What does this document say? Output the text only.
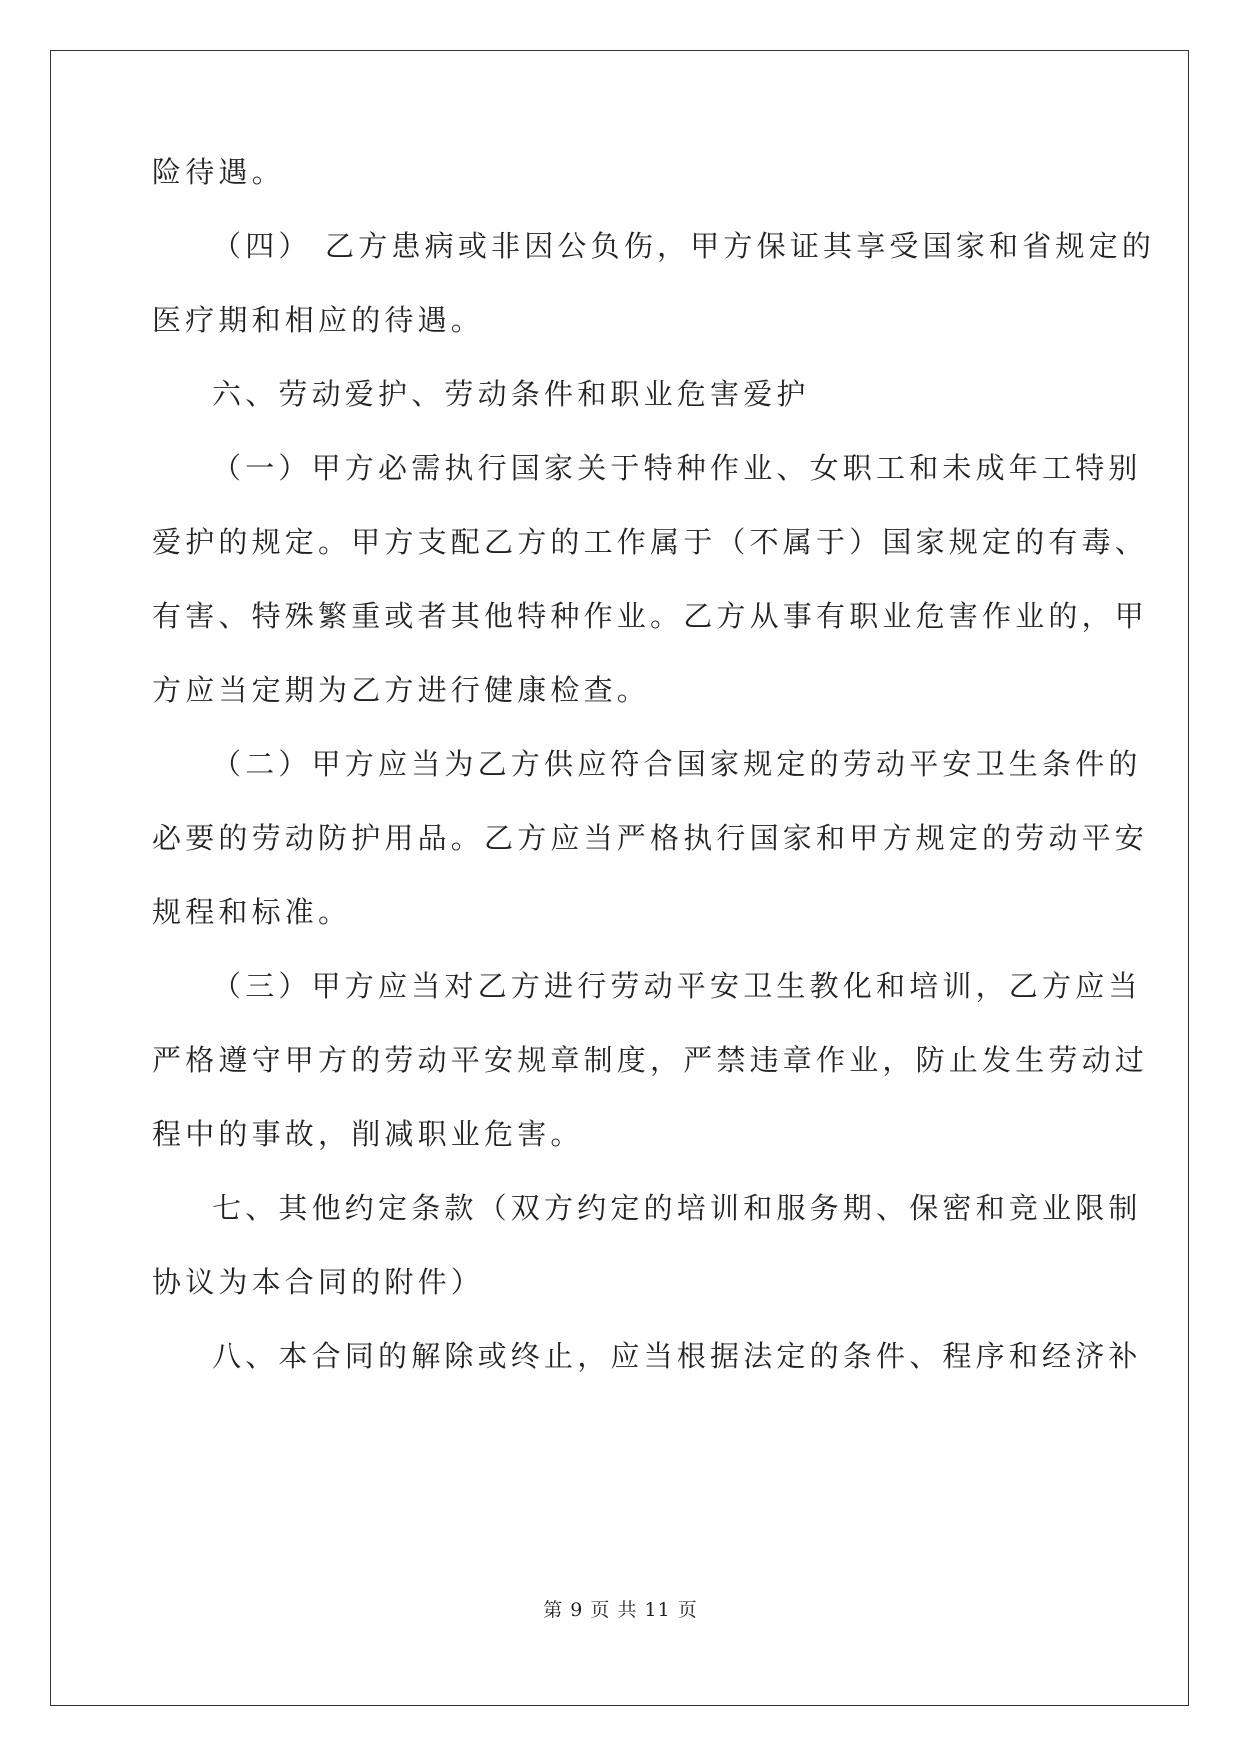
险待遇。
（四） 乙方患病或非因公负伤，甲方保证其享受国家和省规定的
医疗期和相应的待遇。
六、劳动爱护、劳动条件和职业危害爱护
（一）甲方必需执行国家关于特种作业、女职工和未成年工特别
爱护的规定。甲方支配乙方的工作属于（不属于）国家规定的有毒、
有害、特殊繁重或者其他特种作业。乙方从事有职业危害作业的，甲
方应当定期为乙方进行健康检查。
（二）甲方应当为乙方供应符合国家规定的劳动平安卫生条件的
必要的劳动防护用品。乙方应当严格执行国家和甲方规定的劳动平安
规程和标准。
（三）甲方应当对乙方进行劳动平安卫生教化和培训，乙方应当
严格遵守甲方的劳动平安规章制度，严禁违章作业，防止发生劳动过
程中的事故，削减职业危害。
七、其他约定条款（双方约定的培训和服务期、保密和竞业限制
协议为本合同的附件）
八、本合同的解除或终止，应当根据法定的条件、程序和经济补
第 9 页 共 11 页
